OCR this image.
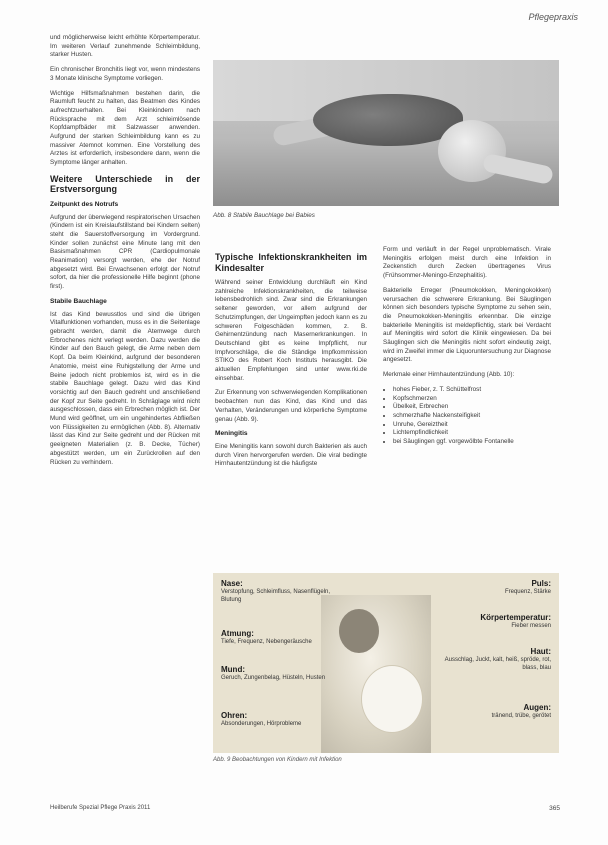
Pflegepraxis

und möglicherweise leicht erhöhte Körpertemperatur. Im weiteren Verlauf zunehmende Schleimbildung, starker Husten.

Ein chronischer Bronchitis liegt vor, wenn mindestens 3 Monate klinische Symptome vorliegen.

Wichtige Hilfsmaßnahmen bestehen darin, die Raumluft feucht zu halten, das Beatmen des Kindes aufrechtzuerhalten. Bei Kleinkindern nach Rücksprache mit dem Arzt schleimlösende Kopfdampfbäder mit Salzwasser anwenden. Aufgrund der starken Schleimbildung kann es zu massiver Atemnot kommen. Eine Vorstellung des Arztes ist erforderlich, insbesondere dann, wenn die Symptome länger anhalten.

Weitere Unterschiede in der Erstversorgung
Zeitpunkt des Notrufs

Aufgrund der überwiegend respiratorischen Ursachen (Kindern ist ein Kreislaufstillstand bei Kindern selten) steht die Sauerstoffversorgung im Vordergrund. Kinder sollen zunächst eine Minute lang mit den Basismaßnahmen CPR (Cardiopulmonale Reanimation) versorgt werden, ehe der Notruf abgesetzt wird. Bei Erwachsenen erfolgt der Notruf sofort, da hier die professionelle Hilfe beginnt (phone first).

Stabile Bauchlage

Ist das Kind bewusstlos und sind die übrigen Vitalfunktionen vorhanden, muss es in die Seitenlage gebracht werden, damit die Atemwege durch Erbrochenes nicht verlegt werden. Dazu werden die Kinder auf den Bauch gelegt, die Arme neben dem Kopf. Da beim Kleinkind, aufgrund der besonderen Anatomie, meist eine Ruhigstellung der Arme und Beine jedoch nicht problemlos ist, wird es in die stabile Bauchlage gelegt. Dazu wird das Kind vorsichtig auf den Bauch gedreht und anschließend der Kopf zur Seite gedreht. In Schräglage wird nicht ausgeschlossen, dass ein Erbrechen möglich ist. Der Mund wird geöffnet, um ein ungehindertes Abfließen von Flüssigkeiten zu ermöglichen (Abb. 8). Alternativ lässt das Kind zur Seite gedreht und der Rücken mit geeigneten Materialien (z. B. Decke, Tücher) abgestützt werden, um ein Zurückrollen auf den Rücken zu verhindern.

Abb. 8 Stabile Bauchlage bei Babies
Typische Infektionskrankheiten im Kindesalter

Während seiner Entwicklung durchläuft ein Kind zahlreiche Infektionskrankheiten, die teilweise lebensbedrohlich sind. Zwar sind die Erkrankungen seltener geworden, vor allem aufgrund der Schutzimpfungen, der Ungeimpften jedoch kann es zu schweren Folgeschäden kommen, z. B. Gehirnentzündung nach Masernerkrankungen. In Deutschland gibt es keine Impfpflicht, nur Impfvorschläge, die die Ständige Impfkommission STIKO des Robert Koch Instituts herausgibt. Die aktuellen Empfehlungen sind unter www.rki.de einsehbar.

Zur Erkennung von schwerwiegenden Komplikationen beobachten nun das Kind, das Kind und das Verhalten, Veränderungen und körperliche Symptome genau (Abb. 9).

Meningitis

Eine Meningitis kann sowohl durch Bakterien als auch durch Viren hervorgerufen werden. Die viral bedingte Hirnhautentzündung ist die häufigste

Form und verläuft in der Regel unproblematisch. Virale Meningitis erfolgen meist durch eine Infektion in Zeckenstich durch Zecken übertragenes Virus (Frühsommer-Meningo-Enzephalitis).

Bakterielle Erreger (Pneumokokken, Meningokokken) verursachen die schwerere Erkrankung. Bei Säuglingen können sich besonders typische Symptome zu sehen sein, die Pneumokokken-Meningitis erkennbar. Die einzige bakterielle Meningitis ist meldepflichtig, stark bei Verdacht auf Meningitis wird sofort die Klinik eingewiesen. Da bei Säuglingen sich die Meningitis nicht sofort eindeutig zeigt, wird im Zweifel immer die Liquoruntersuchung zur Diagnose angesetzt.

Merkmale einer Hirnhautentzündung (Abb. 10):

• hohes Fieber, z. T. Schüttelfrost
• Kopfschmerzen
• Übelkeit, Erbrechen
• schmerzhafte Nackensteifigkeit
• Unruhe, Gereiztheit
• Lichtempfindlichkeit
• bei Säuglingen ggf. vorgewölbte Fontanelle
Nase:
Verstopfung, Schleimfluss, Nasenflügeln, Blutung
Atmung:
Tiefe, Frequenz, Nebengeräusche
Mund:
Geruch, Zungenbelag, Hüsteln, Husten
Ohren:
Absonderungen, Hörprobleme
Puls:
Frequenz, Stärke
Körpertemperatur:
Fieber messen
Haut:
Ausschlag, Juckt, kalt, heiß, spröde, rot, blass, blau
Augen:
tränend, trübe, gerötet
Abb. 9 Beobachtungen von Kindern mit Infektion
Heilberufe Spezial Pflege Praxis 2011	365
